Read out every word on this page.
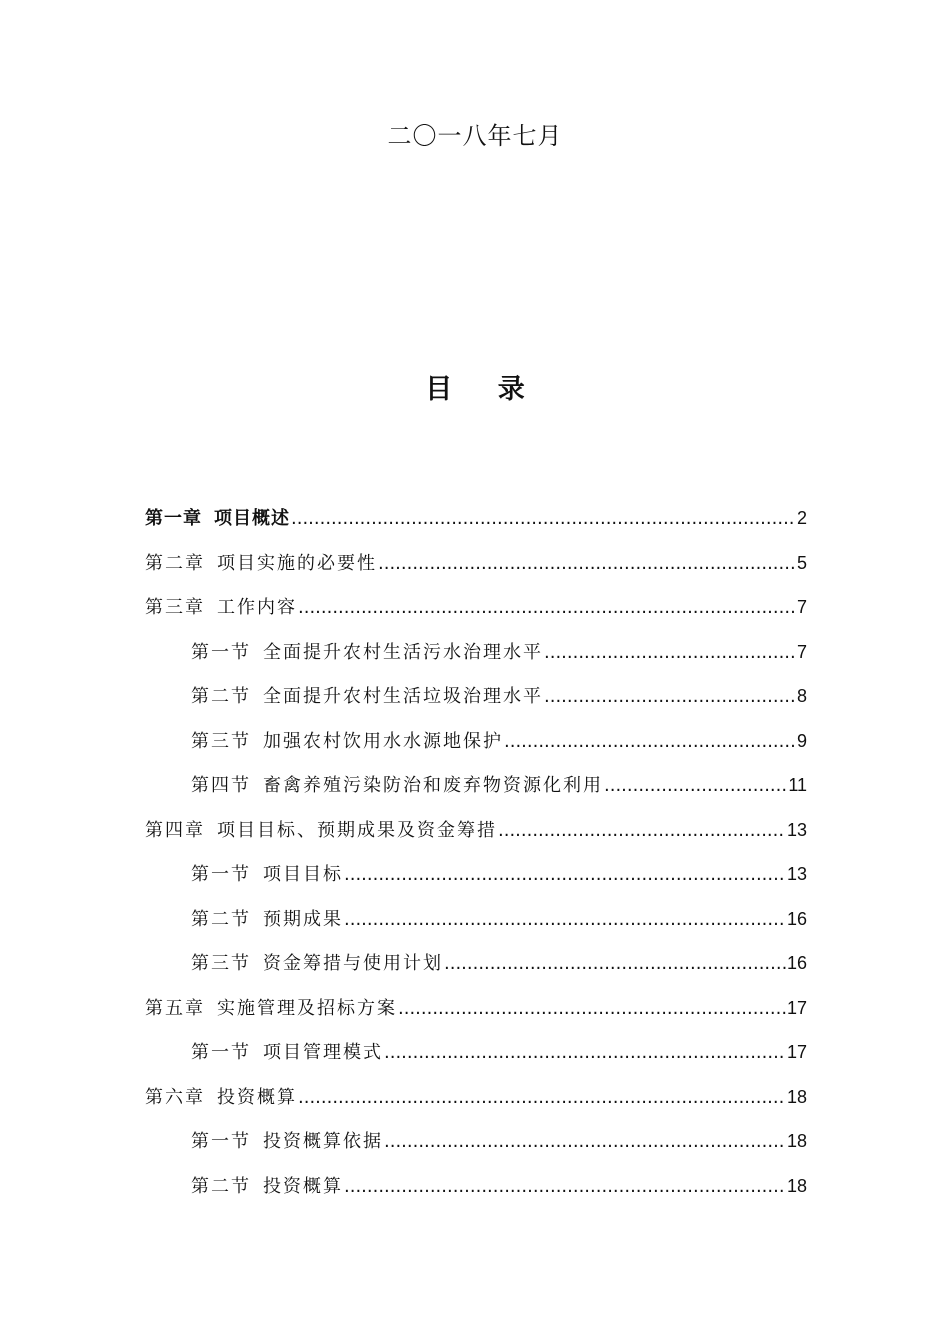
二〇一八年七月
目 录
第一章 项目概述 .....	2
第二章 项目实施的必要性 .....	5
第三章 工作内容 .....	7
第一节 全面提升农村生活污水治理水平 .....	7
第二节 全面提升农村生活垃圾治理水平 .....	8
第三节 加强农村饮用水水源地保护 .....	9
第四节 畜禽养殖污染防治和废弃物资源化利用 .....	11
第四章 项目目标、预期成果及资金筹措 .....	13
第一节 项目目标 .....	13
第二节 预期成果 .....	16
第三节 资金筹措与使用计划 .....	16
第五章 实施管理及招标方案 .....	17
第一节 项目管理模式 .....	17
第六章 投资概算 .....	18
第一节 投资概算依据 .....	18
第二节 投资概算 .....	18
